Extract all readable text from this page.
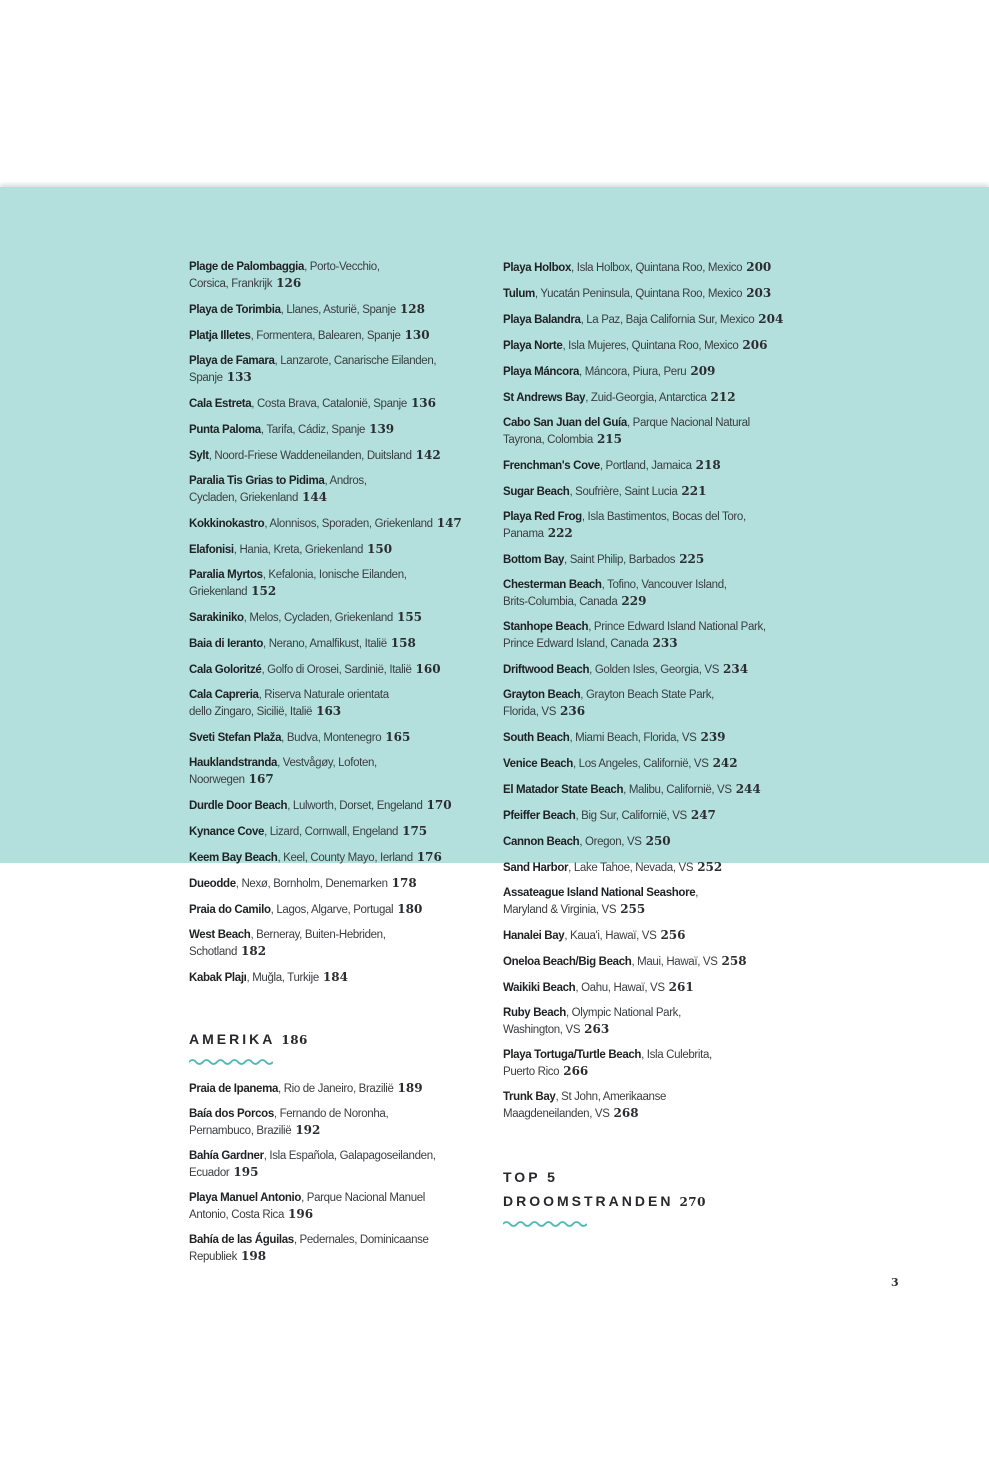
Plage de Palombaggia, Porto-Vecchio,
Corsica, Frankrijk 126
Playa de Torimbia, Llanes, Asturië, Spanje 128
Platja Illetes, Formentera, Balearen, Spanje 130
Playa de Famara, Lanzarote, Canarische Eilanden,
Spanje 133
Cala Estreta, Costa Brava, Catalonië, Spanje 136
Punta Paloma, Tarifa, Cádiz, Spanje 139
Sylt, Noord-Friese Waddeneilanden, Duitsland 142
Paralia Tis Grias to Pidima, Andros,
Cycladen, Griekenland 144
Kokkinokastro, Alonnisos, Sporaden, Griekenland 147
Elafonisi, Hania, Kreta, Griekenland 150
Paralia Myrtos, Kefalonia, Ionische Eilanden,
Griekenland 152
Sarakiniko, Melos, Cycladen, Griekenland 155
Baia di Ieranto, Nerano, Amalfikust, Italië 158
Cala Goloritzé, Golfo di Orosei, Sardinië, Italië 160
Cala Capreria, Riserva Naturale orientata
dello Zingaro, Sicilië, Italië 163
Sveti Stefan Plaža, Budva, Montenegro 165
Hauklandstranda, Vestvågøy, Lofoten,
Noorwegen 167
Durdle Door Beach, Lulworth, Dorset, Engeland 170
Kynance Cove, Lizard, Cornwall, Engeland 175
Keem Bay Beach, Keel, County Mayo, Ierland 176
Dueodde, Nexø, Bornholm, Denemarken 178
Praia do Camilo, Lagos, Algarve, Portugal 180
West Beach, Berneray, Buiten-Hebriden,
Schotland 182
Kabak Plajı, Muğla, Turkije 184
AMERIKA 186
Praia de Ipanema, Rio de Janeiro, Brazilië 189
Baía dos Porcos, Fernando de Noronha,
Pernambuco, Brazilië 192
Bahía Gardner, Isla Española, Galapagoseilanden,
Ecuador 195
Playa Manuel Antonio, Parque Nacional Manuel
Antonio, Costa Rica 196
Bahía de las Águilas, Pedernales, Dominicaanse
Republiek 198
Playa Holbox, Isla Holbox, Quintana Roo, Mexico 200
Tulum, Yucatán Peninsula, Quintana Roo, Mexico 203
Playa Balandra, La Paz, Baja California Sur, Mexico 204
Playa Norte, Isla Mujeres, Quintana Roo, Mexico 206
Playa Máncora, Máncora, Piura, Peru 209
St Andrews Bay, Zuid-Georgia, Antarctica 212
Cabo San Juan del Guía, Parque Nacional Natural
Tayrona, Colombia 215
Frenchman's Cove, Portland, Jamaica 218
Sugar Beach, Soufrière, Saint Lucia 221
Playa Red Frog, Isla Bastimentos, Bocas del Toro,
Panama 222
Bottom Bay, Saint Philip, Barbados 225
Chesterman Beach, Tofino, Vancouver Island,
Brits-Columbia, Canada 229
Stanhope Beach, Prince Edward Island National Park,
Prince Edward Island, Canada 233
Driftwood Beach, Golden Isles, Georgia, VS 234
Grayton Beach, Grayton Beach State Park,
Florida, VS 236
South Beach, Miami Beach, Florida, VS 239
Venice Beach, Los Angeles, Californië, VS 242
El Matador State Beach, Malibu, Californië, VS 244
Pfeiffer Beach, Big Sur, Californië, VS 247
Cannon Beach, Oregon, VS 250
Sand Harbor, Lake Tahoe, Nevada, VS 252
Assateague Island National Seashore,
Maryland & Virginia, VS 255
Hanalei Bay, Kaua'i, Hawaï, VS 256
Oneloa Beach/Big Beach, Maui, Hawaï, VS 258
Waikiki Beach, Oahu, Hawaï, VS 261
Ruby Beach, Olympic National Park,
Washington, VS 263
Playa Tortuga/Turtle Beach, Isla Culebrita,
Puerto Rico 266
Trunk Bay, St John, Amerikaanse
Maagdeneilanden, VS 268
TOP 5
DROOMSTRANDEN 270
3
